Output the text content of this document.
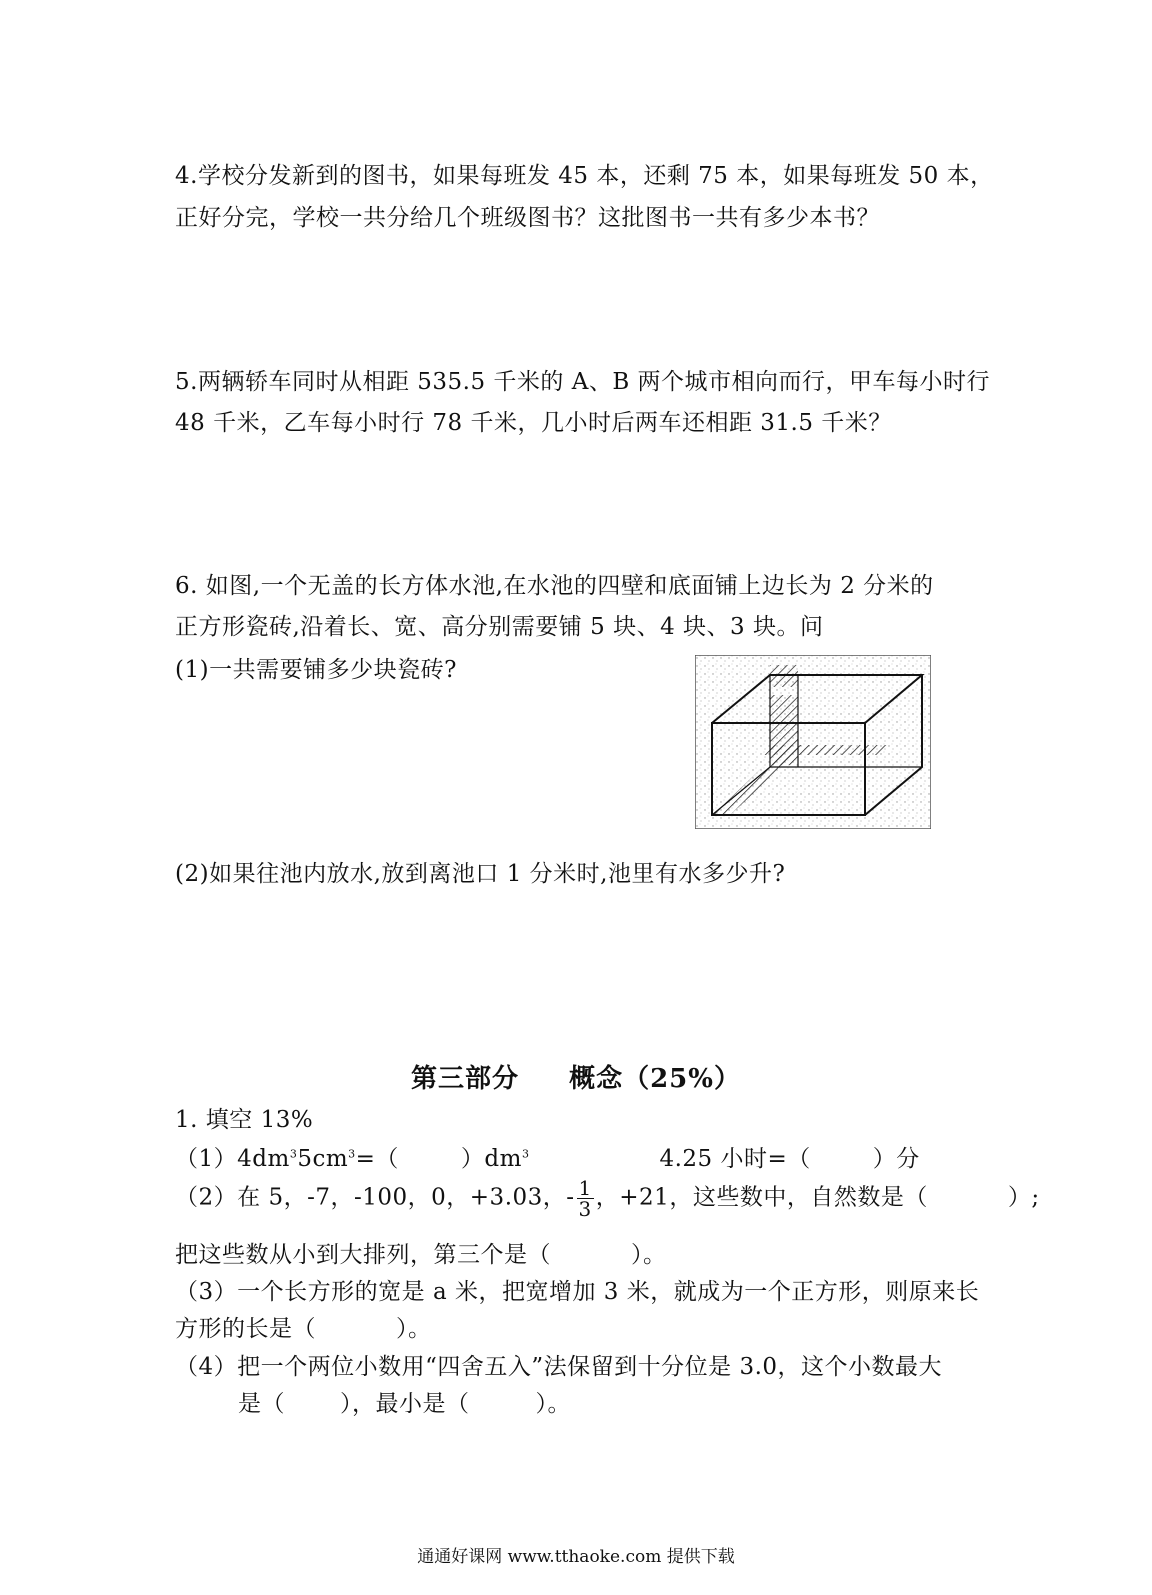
4.学校分发新到的图书，如果每班发 45 本，还剩 75 本，如果每班发 50 本，
正好分完，学校一共分给几个班级图书？这批图书一共有多少本书？
5.两辆轿车同时从相距 535.5 千米的 A、B 两个城市相向而行，甲车每小时行
48 千米，乙车每小时行 78 千米，几小时后两车还相距 31.5 千米？
6. 如图,一个无盖的长方体水池,在水池的四壁和底面铺上边长为 2 分米的
正方形瓷砖,沿着长、宽、高分别需要铺 5 块、4 块、3 块。问
(1)一共需要铺多少块瓷砖?
(2)如果往池内放水,放到离池口 1 分米时,池里有水多少升?
第三部分 概念（25%）
1. 填空 13%
$(1)4dm^35cm^3=$（	）$dm^3$	4.25 小时=（	）分
（2）在 5，-7，-100，0，+3.03，- $\frac{1}{3}$ ，+21，这些数中，自然数是（	）;
把这些数从小到大排列，第三个是（	）。
（3）一个长方形的宽是 a 米，把宽增加 3 米，就成为一个正方形，则原来长
方形的长是（	）。
（4）把一个两位小数用“四舍五入”法保留到十分位是 3.0，这个小数最大
是（ ），最小是（	）。
通通好课网 www.tthaoke.com 提供下载
